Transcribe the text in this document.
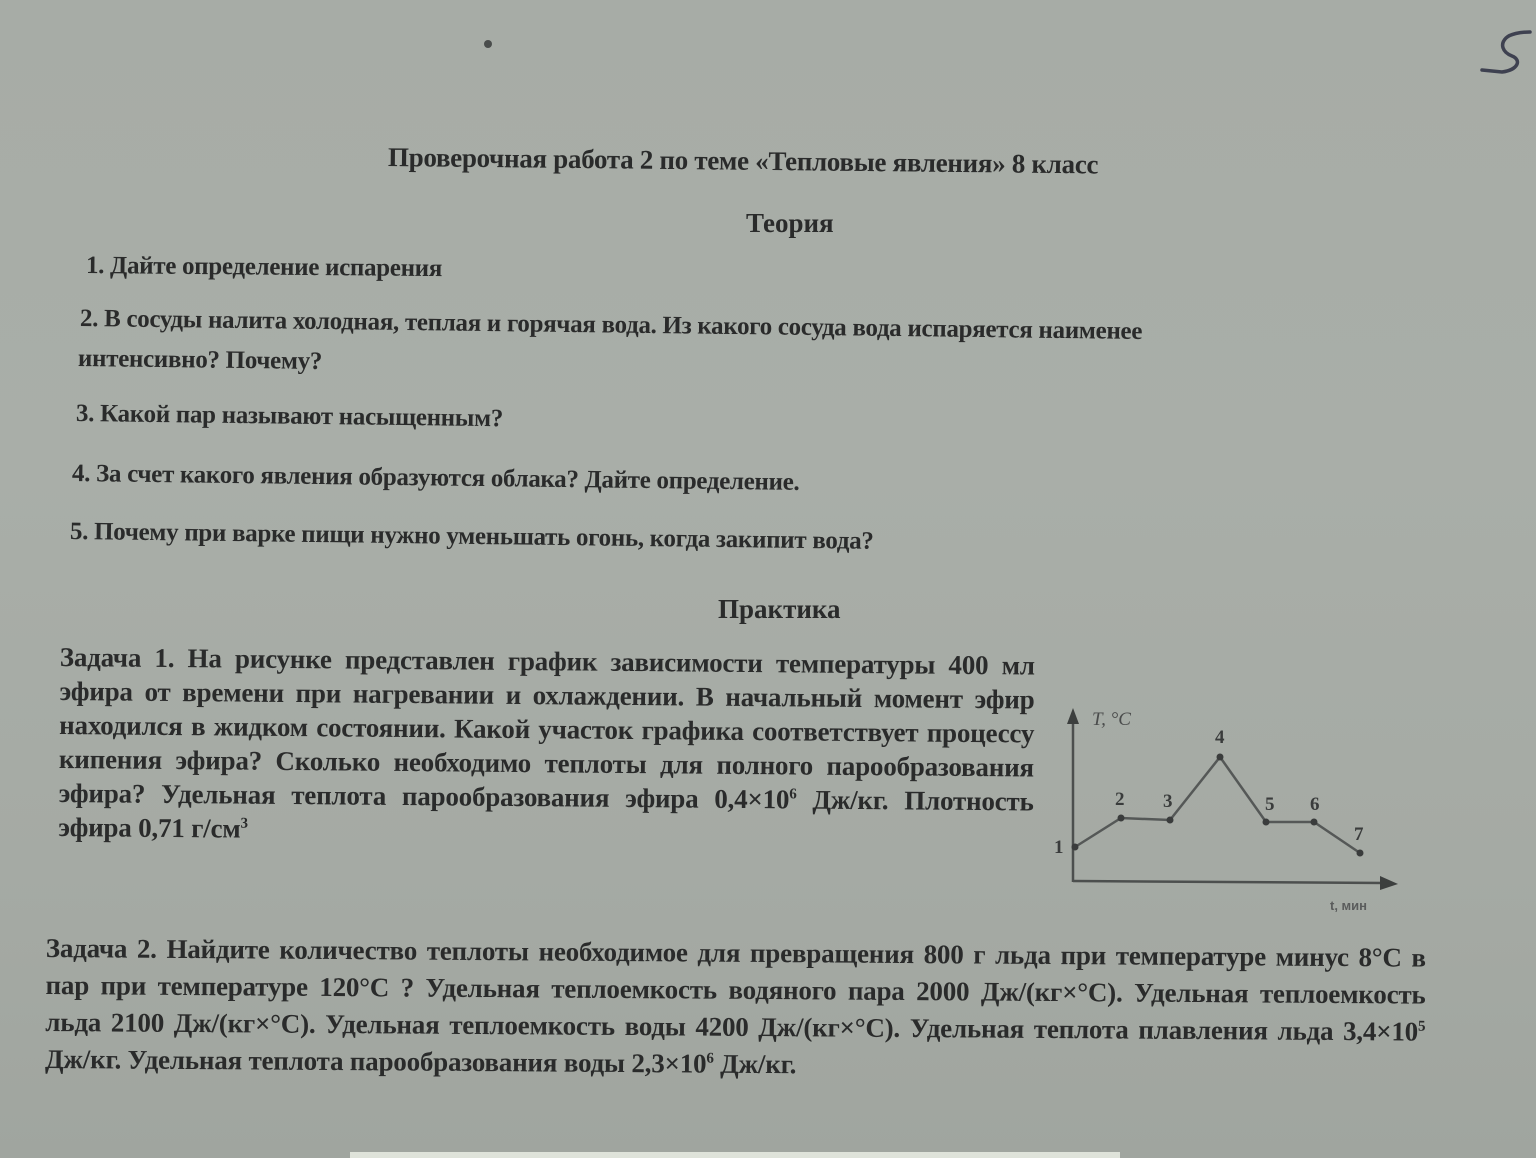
Проверочная работа 2 по теме «Тепловые явления» 8 класс
Теория
1. Дайте определение испарения
2. В сосуды налита холодная, теплая и горячая вода. Из какого сосуда вода испаряется наименее
интенсивно? Почему?
3. Какой пар называют насыщенным?
4. За счет какого явления образуются облака? Дайте определение.
5. Почему при варке пищи нужно уменьшать огонь, когда закипит вода?
Практика
Задача 1. На рисунке представлен график зависимости температуры 400 мл эфира от времени при нагревании и охлаждении. В начальный момент эфир находился в жидком состоянии. Какой участок графика соответствует процессу кипения эфира? Сколько необходимо теплоты для полного парообразования эфира? Удельная теплота парообразования эфира $0,4\times 10^6$ Дж/кг. Плотность эфира 0,71 $г/см^3$
T, °C
t, мин
1
2 3
4
5 6
7
Задача 2. Найдите количество теплоты необходимое для превращения 800 г льда при температуре минус 8°С в пар при температуре 120°С ? Удельная теплоемкость водяного пара 2000 Дж/(кг×°С). Удельная теплоемкость льда 2100 Дж/(кг×°С). Удельная теплоемкость воды 4200 Дж/(кг×°С). Удельная теплота плавления льда $3,4\times 10^5$ Дж/кг. Удельная теплота парообразования воды $2,3\times 10^6$ Дж/кг.
